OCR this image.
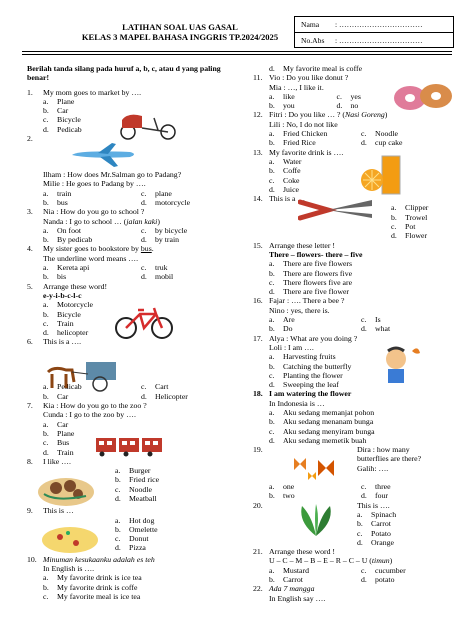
LATIHAN SOAL UAS GASAL
KELAS 3 MAPEL BAHASA INGGRIS TP.2024/2025
Nama : ……………………………
No.Abs : ……………………………
Berilah tanda silang pada huruf a, b, c, atau d yang paling benar!
1. My mom goes to market by ….
a. Plane
b. Car
c. Bicycle
d. Pedicab
2.
Ilham : How does Mr.Salman go to Padang?
Milie : He goes to Padang by ….
a. train	c. plane
b. bus	d. motorcycle
3. Nia : How do you go to school ?
Nanda : I go to school … (jalan kaki)
a. On foot	c. by bicycle
b. By pedicab	d. by train
4. My sister goes to bookstore by bus.
The underline word means ….
a. Kereta api	c. truk
b. bis	d. mobil
5. Arrange these word!
e-y-i-b-c-l-c
a. Motorcycle
b. Bicycle
c. Train
d. helicopter
6. This is a ….
a. Pedicab	c. Cart
b. Car	d. Helicopter
7. Kia : How do you go to the zoo ?
Cunda : I go to the zoo by ….
a. Car
b. Plane
c. Bus
d. Train
8. I like ….
a. Burger
b. Fried rice
c. Noodle
d. Meatball
9. This is …
a. Hot dog
b. Omelette
c. Donut
d. Pizza
10. Minuman kesukaanku adalah es teh
In English is ….
a. My favorite drink is ice tea
b. My favorite drink is coffe
c. My favorite meal is ice tea
d. My favorite meal is coffe
11. Vio : Do you like donut ?
Mia : …, I like it.
a. like	c. yes
b. you	d. no
12. Fitri : Do you like … ? (Nasi Goreng)
Lili : No, I do not like
a. Fried Chicken	c. Noodle
b. Fried Rice	d. cup cake
13. My favorite drink is ….
a. Water
b. Coffe
c. Coke
d. Juice
14. This is a …
a. Clipper
b. Trowel
c. Pot
d. Flower
15. Arrange these letter !
There – flowers- there – five
a. There are five flowers
b. There are flowers five
c. There flowers five are
d. There are five flower
16. Fajar : …. There a bee ?
Nino : yes, there is.
a. Are	c. Is
b. Do	d. what
17. Alya : What are you doing ?
Loli : I am ….
a. Harvesting fruits
b. Catching the butterfly
c. Planting the flower
d. Sweeping the leaf
18. I am watering the flower
In Indonesia is …
a. Aku sedang memanjat pohon
b. Aku sedang menanam bunga
c. Aku sedang menyiram bunga
d. Aku sedang memetik buah
19.	Dira : how many
butterflies are there?
Galih: ….
a. one	c. three
b. two	d. four
20.	This is ….
a. Spinach
b. Carrot
c. Potato
d. Orange
21. Arrange these word !
U – C – M – B – E – R – C – U (timun)
a. Mustard	c. cucumber
b. Carrot	d. potato
22. Ada 7 mangga
In English say ….
